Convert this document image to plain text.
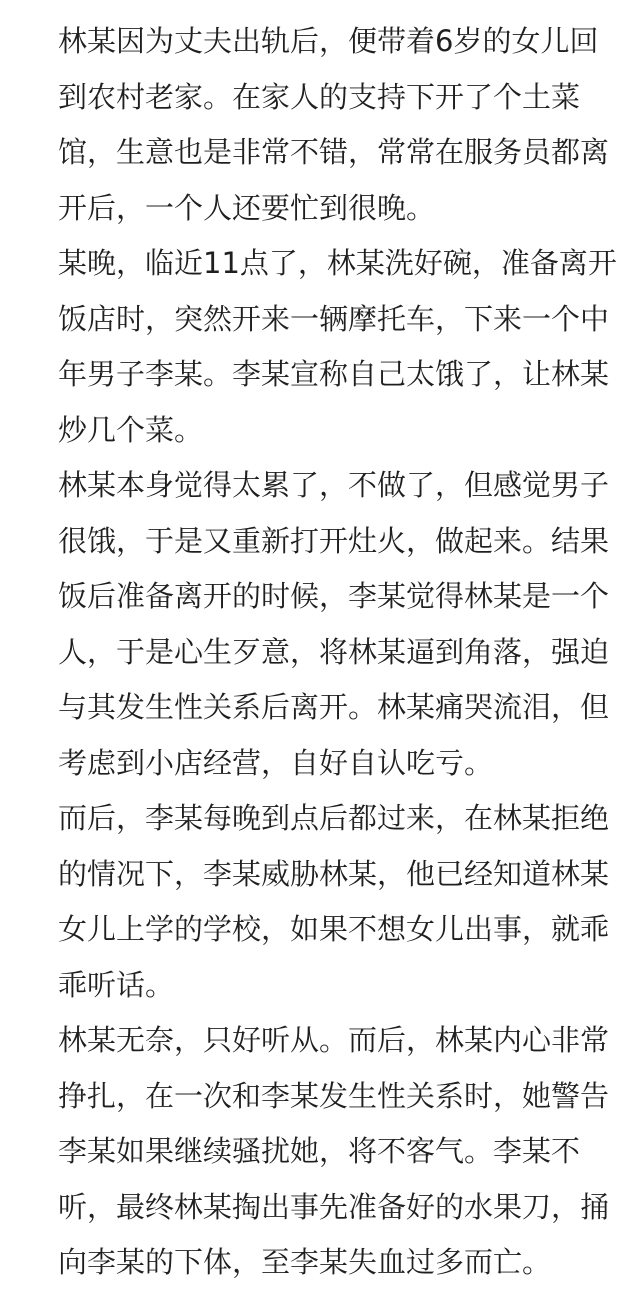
林某因为丈夫出轨后，便带着6岁的女儿回
到农村老家。在家人的支持下开了个土菜
馆，生意也是非常不错，常常在服务员都离
开后，一个人还要忙到很晚。
某晚，临近11点了，林某洗好碗，准备离开
饭店时，突然开来一辆摩托车，下来一个中
年男子李某。李某宣称自己太饿了，让林某
炒几个菜。
林某本身觉得太累了，不做了，但感觉男子
很饿，于是又重新打开灶火，做起来。结果
饭后准备离开的时候，李某觉得林某是一个
人，于是心生歹意，将林某逼到角落，强迫
与其发生性关系后离开。林某痛哭流泪，但
考虑到小店经营，自好自认吃亏。
而后，李某每晚到点后都过来，在林某拒绝
的情况下，李某威胁林某，他已经知道林某
女儿上学的学校，如果不想女儿出事，就乖
乖听话。
林某无奈，只好听从。而后，林某内心非常
挣扎，在一次和李某发生性关系时，她警告
李某如果继续骚扰她，将不客气。李某不
听，最终林某掏出事先准备好的水果刀，捅
向李某的下体，至李某失血过多而亡。
